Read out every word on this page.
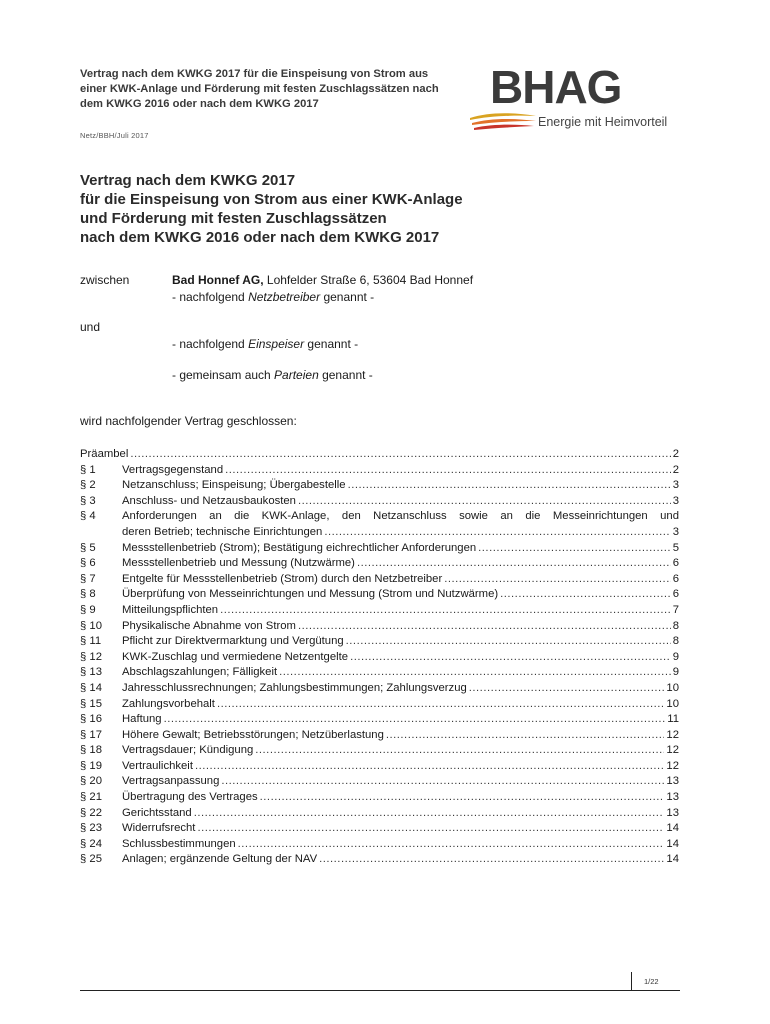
Vertrag nach dem KWKG 2017 für die Einspeisung von Strom aus einer KWK-Anlage und Förderung mit festen Zuschlagssätzen nach dem KWKG 2016 oder nach dem KWKG 2017
Netz/BBH/Juli 2017
BHAG
Energie mit Heimvorteil
Vertrag nach dem KWKG 2017
für die Einspeisung von Strom aus einer KWK-Anlage
und Förderung mit festen Zuschlagssätzen
nach dem KWKG 2016 oder nach dem KWKG 2017
zwischen	Bad Honnef AG, Lohfelder Straße 6, 53604 Bad Honnef
- nachfolgend Netzbetreiber genannt -
und
- nachfolgend Einspeiser genannt -
- gemeinsam auch Parteien genannt -
wird nachfolgender Vertrag geschlossen:
Präambel .....	2
§ 1	Vertragsgegenstand .....	2
§ 2	Netzanschluss; Einspeisung; Übergabestelle .....	3
§ 3	Anschluss- und Netzausbaukosten .....	3
§ 4	Anforderungen an die KWK-Anlage, den Netzanschluss sowie an die Messeinrichtungen und
deren Betrieb; technische Einrichtungen .....	3
§ 5	Messstellenbetrieb (Strom); Bestätigung eichrechtlicher Anforderungen .....	5
§ 6	Messstellenbetrieb und Messung (Nutzwärme) .....	6
§ 7	Entgelte für Messstellenbetrieb (Strom) durch den Netzbetreiber .....	6
§ 8	Überprüfung von Messeinrichtungen und Messung (Strom und Nutzwärme) .....	6
§ 9	Mitteilungspflichten .....	7
§ 10	Physikalische Abnahme von Strom .....	8
§ 11	Pflicht zur Direktvermarktung und Vergütung .....	8
§ 12	KWK-Zuschlag und vermiedene Netzentgelte .....	9
§ 13	Abschlagszahlungen; Fälligkeit .....	9
§ 14	Jahresschlussrechnungen; Zahlungsbestimmungen; Zahlungsverzug .....	10
§ 15	Zahlungsvorbehalt .....	10
§ 16	Haftung .....	11
§ 17	Höhere Gewalt; Betriebsstörungen; Netzüberlastung .....	12
§ 18	Vertragsdauer; Kündigung .....	12
§ 19	Vertraulichkeit .....	12
§ 20	Vertragsanpassung .....	13
§ 21	Übertragung des Vertrages .....	13
§ 22	Gerichtsstand .....	13
§ 23	Widerrufsrecht .....	14
§ 24	Schlussbestimmungen .....	14
§ 25	Anlagen; ergänzende Geltung der NAV .....	14
1/22
